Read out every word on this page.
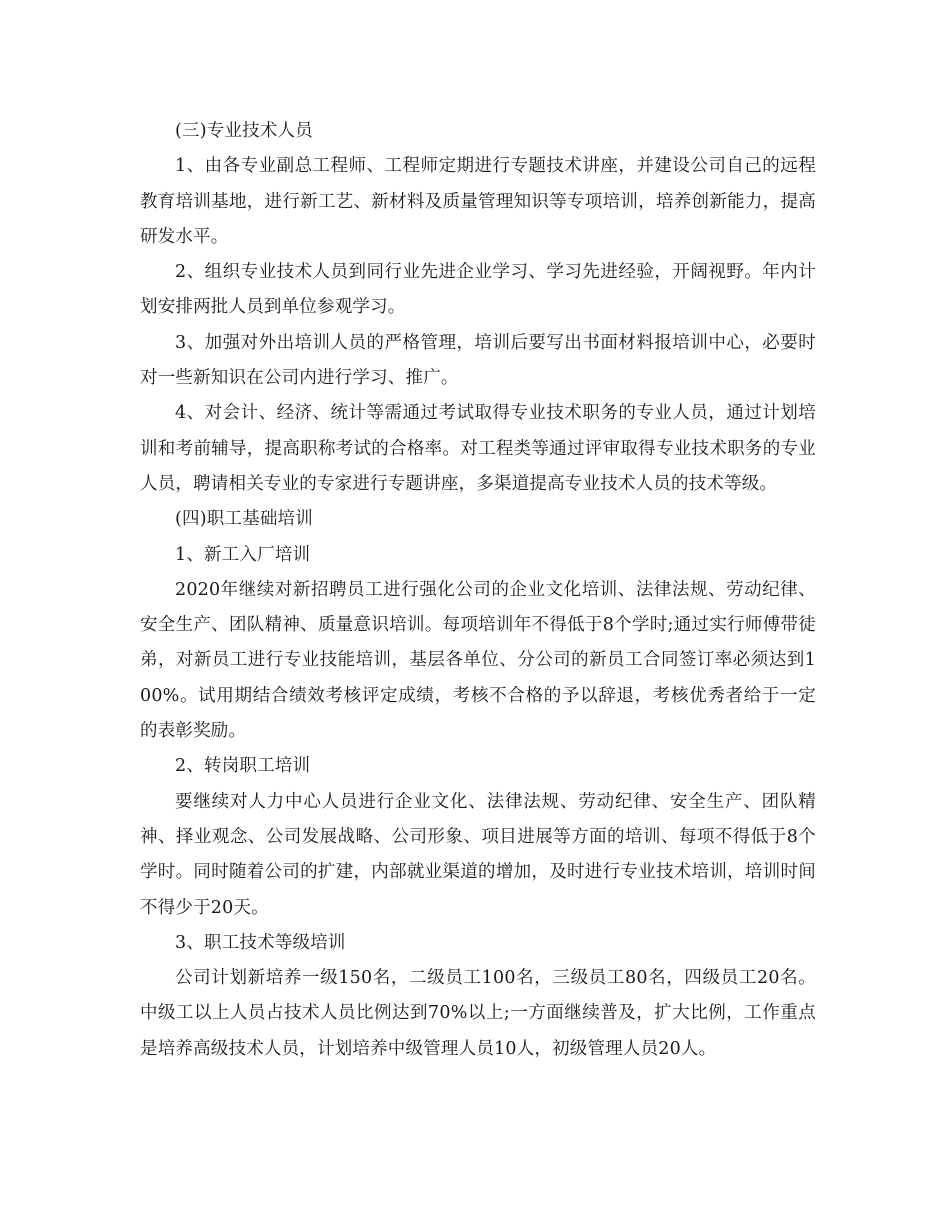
(三)专业技术人员

1、由各专业副总工程师、工程师定期进行专题技术讲座，并建设公司自己的远程教育培训基地，进行新工艺、新材料及质量管理知识等专项培训，培养创新能力，提高研发水平。

2、组织专业技术人员到同行业先进企业学习、学习先进经验，开阔视野。年内计划安排两批人员到单位参观学习。

3、加强对外出培训人员的严格管理，培训后要写出书面材料报培训中心，必要时对一些新知识在公司内进行学习、推广。

4、对会计、经济、统计等需通过考试取得专业技术职务的专业人员，通过计划培训和考前辅导，提高职称考试的合格率。对工程类等通过评审取得专业技术职务的专业人员，聘请相关专业的专家进行专题讲座，多渠道提高专业技术人员的技术等级。

(四)职工基础培训

1、新工入厂培训

2020年继续对新招聘员工进行强化公司的企业文化培训、法律法规、劳动纪律、安全生产、团队精神、质量意识培训。每项培训年不得低于8个学时;通过实行师傅带徒弟，对新员工进行专业技能培训，基层各单位、分公司的新员工合同签订率必须达到100%。试用期结合绩效考核评定成绩，考核不合格的予以辞退，考核优秀者给于一定的表彰奖励。

2、转岗职工培训

要继续对人力中心人员进行企业文化、法律法规、劳动纪律、安全生产、团队精神、择业观念、公司发展战略、公司形象、项目进展等方面的培训、每项不得低于8个学时。同时随着公司的扩建，内部就业渠道的增加，及时进行专业技术培训，培训时间不得少于20天。

3、职工技术等级培训

公司计划新培养一级150名，二级员工100名，三级员工80名，四级员工20名。中级工以上人员占技术人员比例达到70%以上;一方面继续普及，扩大比例，工作重点是培养高级技术人员，计划培养中级管理人员10人，初级管理人员20人。
